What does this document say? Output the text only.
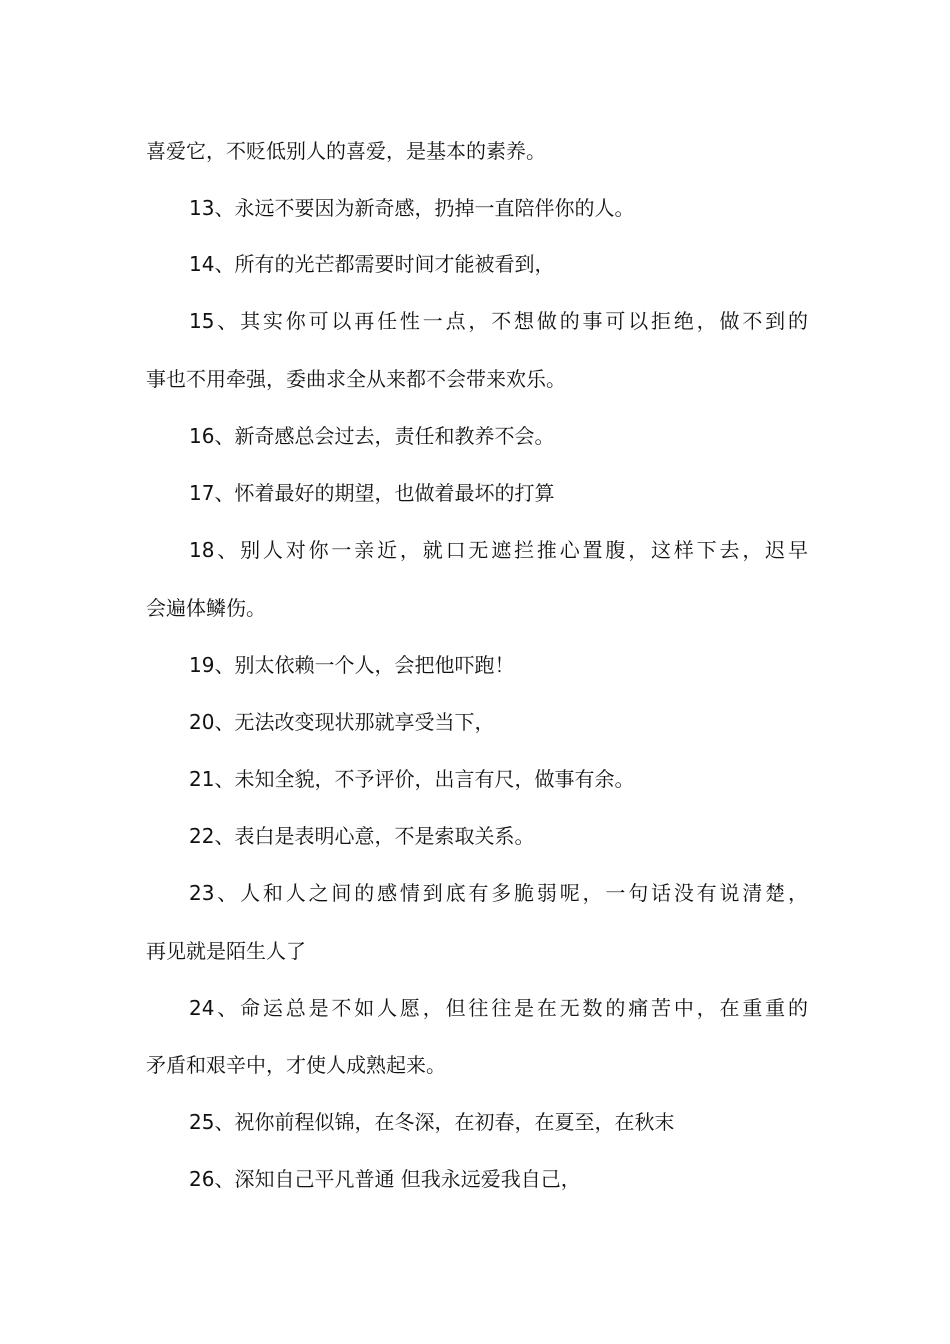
喜爱它，不贬低别人的喜爱，是基本的素养。
13、永远不要因为新奇感，扔掉一直陪伴你的人。
14、所有的光芒都需要时间才能被看到，
15、其实你可以再任性一点，不想做的事可以拒绝，做不到的
事也不用牵强，委曲求全从来都不会带来欢乐。
16、新奇感总会过去，责任和教养不会。
17、怀着最好的期望，也做着最坏的打算
18、别人对你一亲近，就口无遮拦推心置腹，这样下去，迟早
会遍体鳞伤。
19、别太依赖一个人，会把他吓跑！
20、无法改变现状那就享受当下，
21、未知全貌，不予评价，出言有尺，做事有余。
22、表白是表明心意，不是索取关系。
23、人和人之间的感情到底有多脆弱呢，一句话没有说清楚，
再见就是陌生人了
24、命运总是不如人愿，但往往是在无数的痛苦中，在重重的
矛盾和艰辛中，才使人成熟起来。
25、祝你前程似锦，在冬深，在初春，在夏至，在秋末
26、深知自己平凡普通 但我永远爱我自己，
